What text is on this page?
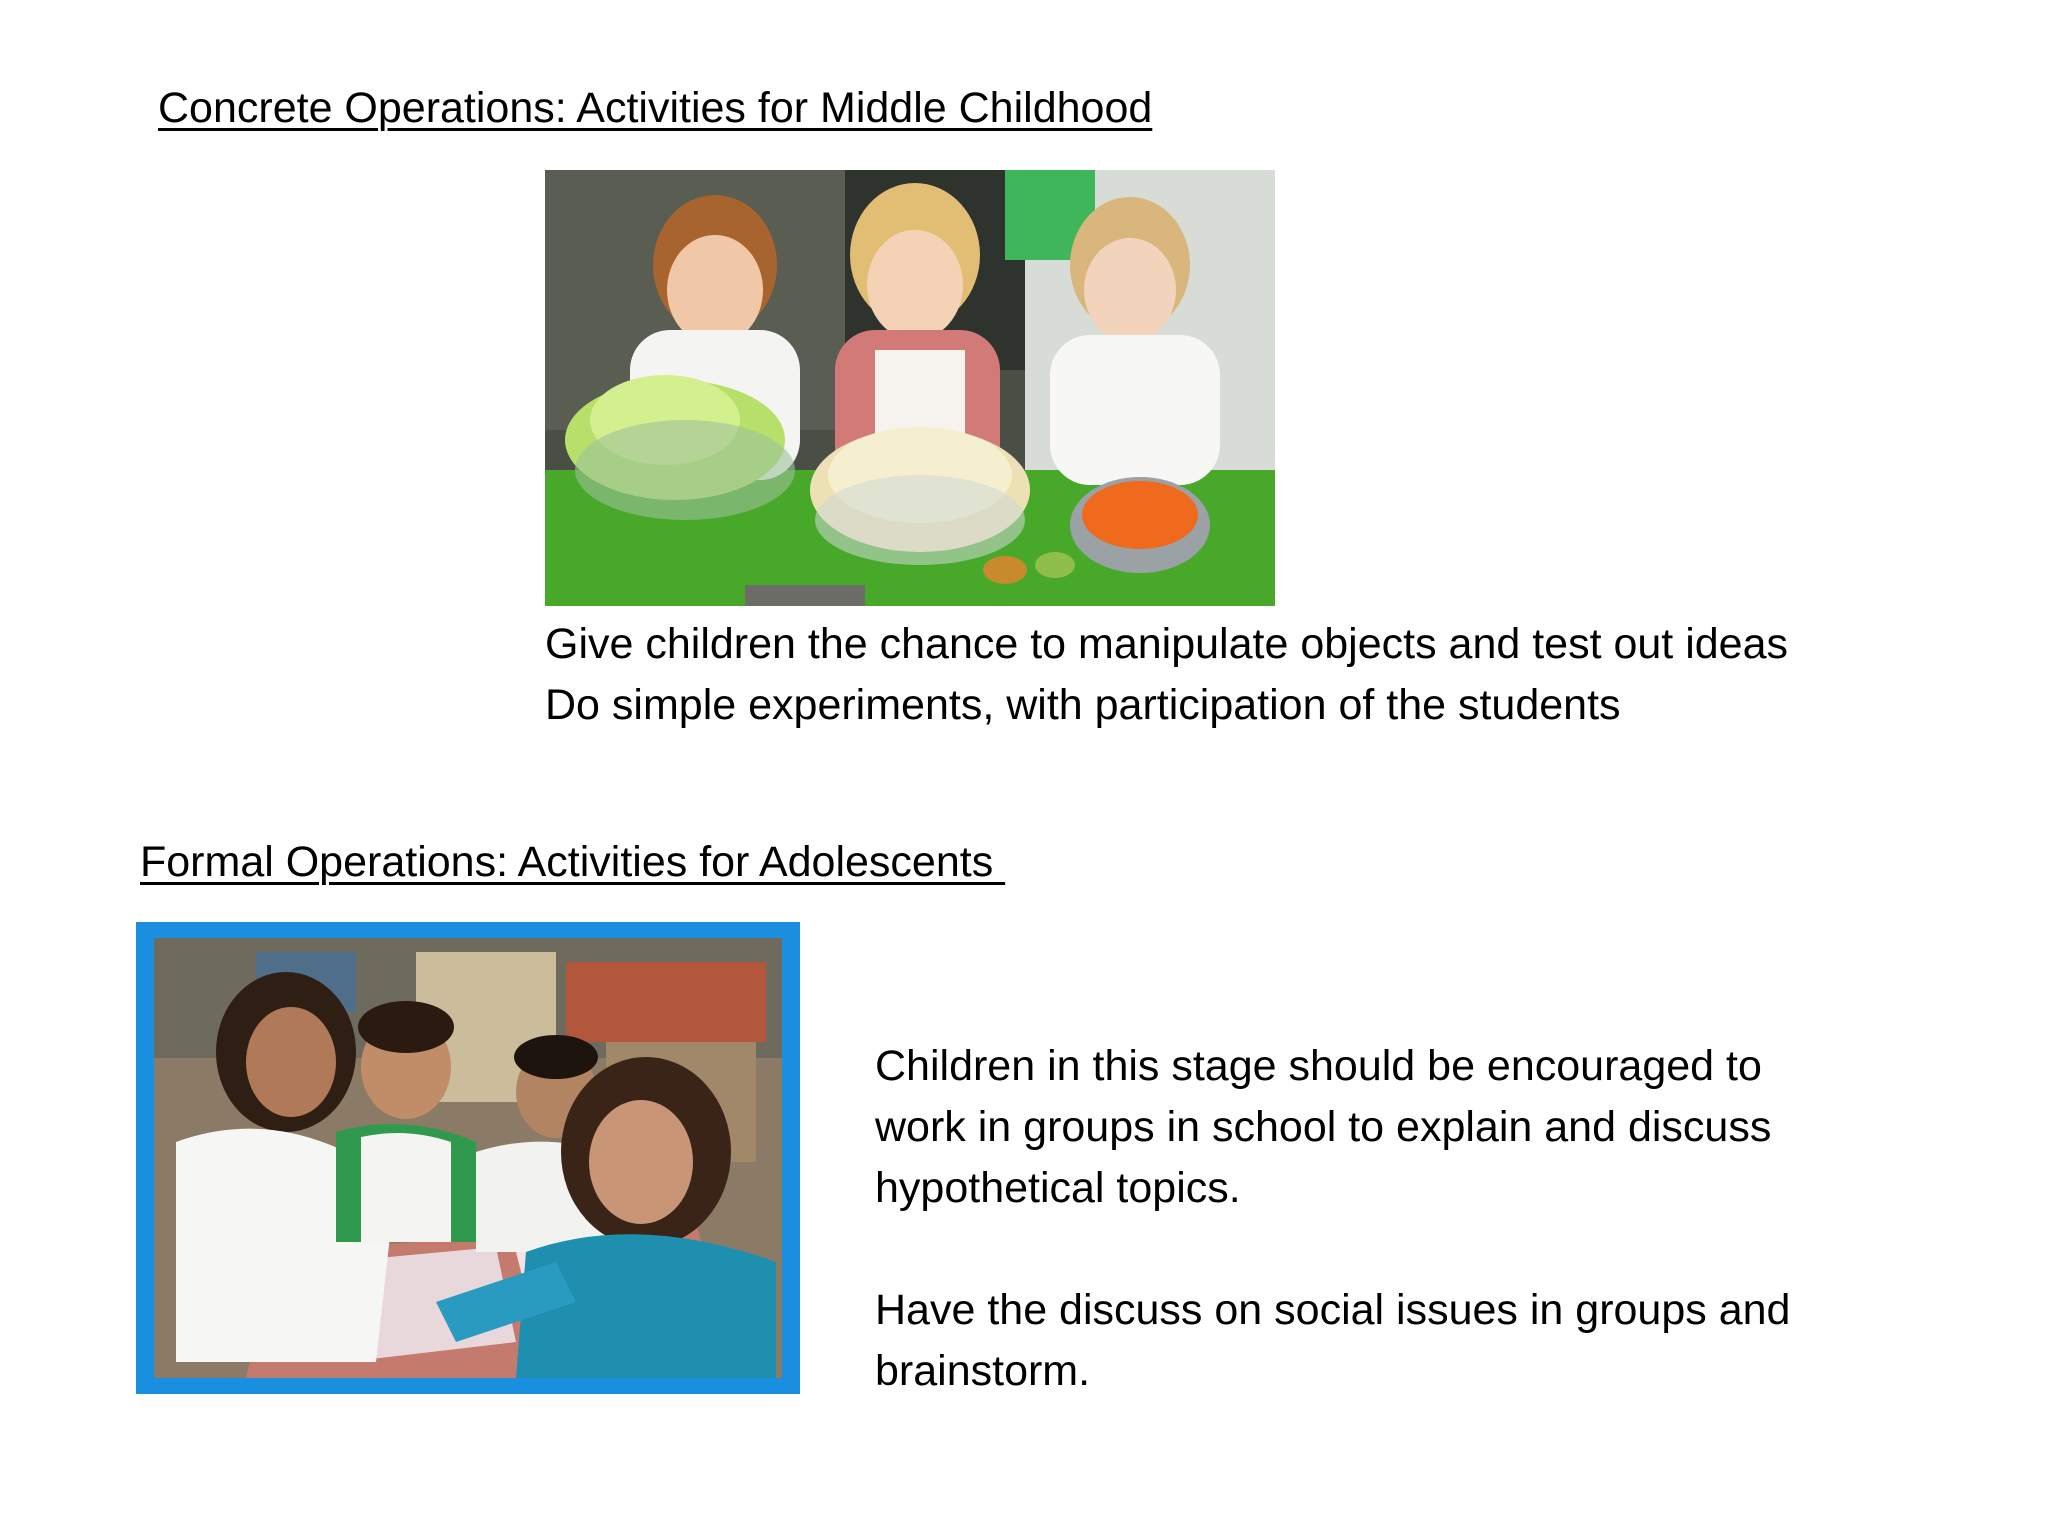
Concrete Operations: Activities for Middle Childhood

Give children the chance to manipulate objects and test out ideas

Do simple experiments, with participation of the students

Formal Operations: Activities for Adolescents

Children in this stage should be encouraged to

work in groups in school to explain and discuss

hypothetical topics.

Have the discuss on social issues in groups and

brainstorm.
